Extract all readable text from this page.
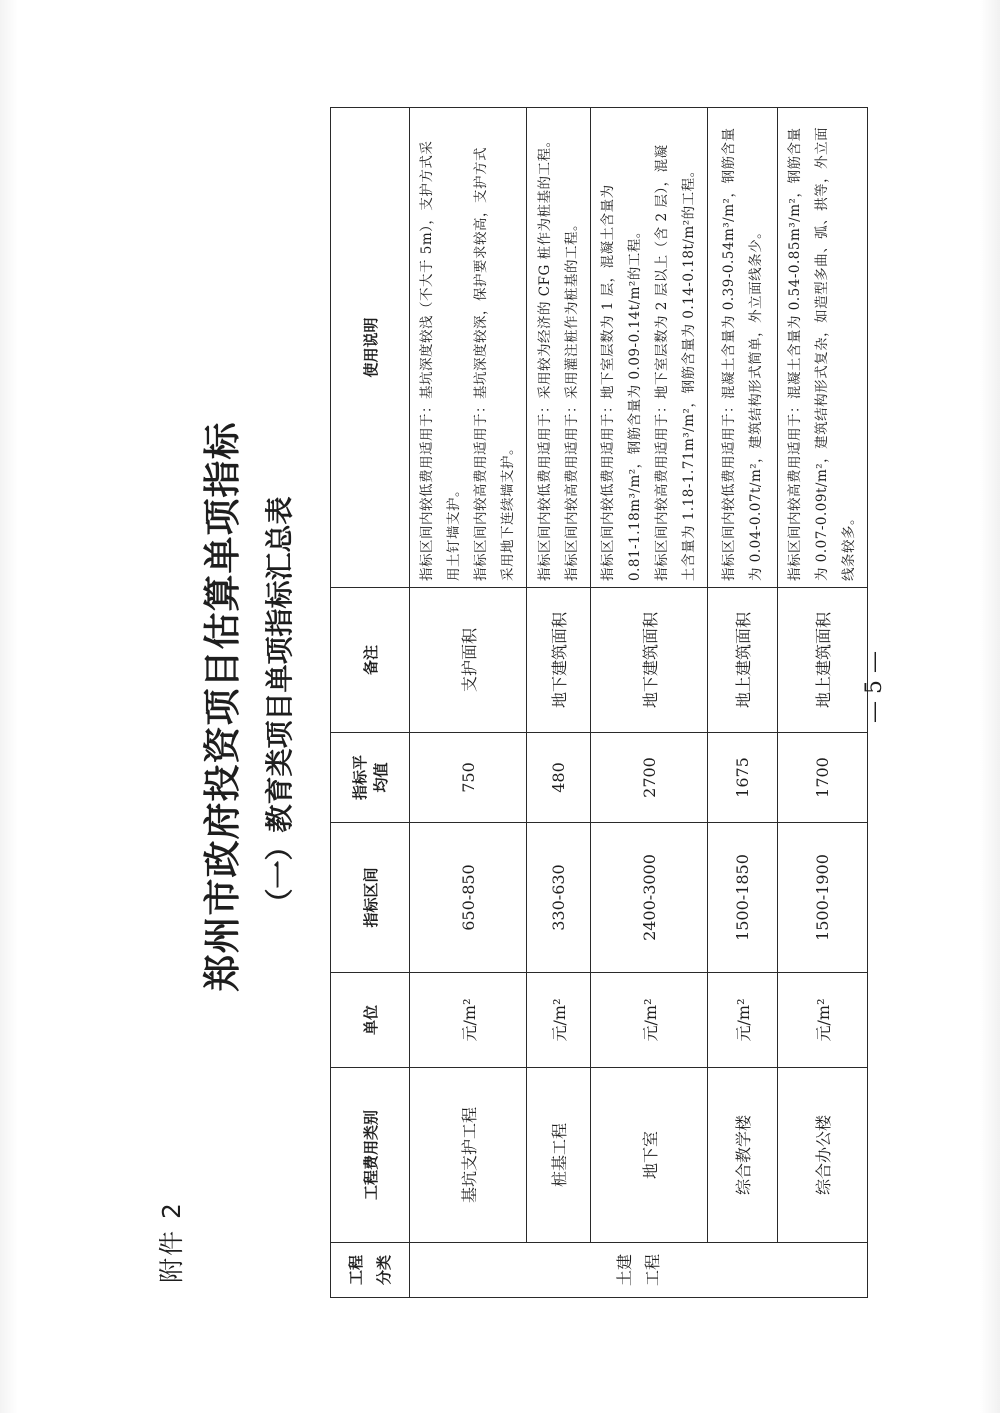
附件 2
郑州市政府投资项目估算单项指标 （一）教育类项目单项指标汇总表
工程 分类	工程费用类别	单位	指标区间	指标平 均值	备注	使用说明
土建 工程	基坑支护工程	元/m²	650-850	750	支护面积	指标区间内较低费用适用于：基坑深度较浅（不大于 5m），支护方式采 用土钉墙支护。 指标区间内较高费用适用于：基坑深度较深，保护要求较高，支护方式 采用地下连续墙支护。

	桩基工程	元/m²	330-630	480	地下建筑面积	指标区间内较低费用适用于：采用较为经济的 CFG 桩作为桩基的工程。 指标区间内较高费用适用于：采用灌注桩作为桩基的工程。

	地下室	元/m²	2400-3000	2700	地下建筑面积	指标区间内较低费用适用于：地下室层数为 1 层，混凝土含量为 0.81-1.18m³/m²，钢筋含量为 0.09-0.14t/m²的工程。 指标区间内较高费用适用于：地下室层数为 2 层以上（含 2 层），混凝 土含量为 1.18-1.71m³/m²，钢筋含量为 0.14-0.18t/m²的工程。

	综合教学楼	元/m²	1500-1850	1675	地上建筑面积	指标区间内较低费用适用于：混凝土含量为 0.39-0.54m³/m²，钢筋含量 为 0.04-0.07t/m²，建筑结构形式简单，外立面线条少。

	综合办公楼	元/m²	1500-1900	1700	地上建筑面积	指标区间内较高费用适用于：混凝土含量为 0.54-0.85m³/m²，钢筋含量 为 0.07-0.09t/m²，建筑结构形式复杂，如造型多曲、弧、拱等，外立面 线条较多。
— 5 —
